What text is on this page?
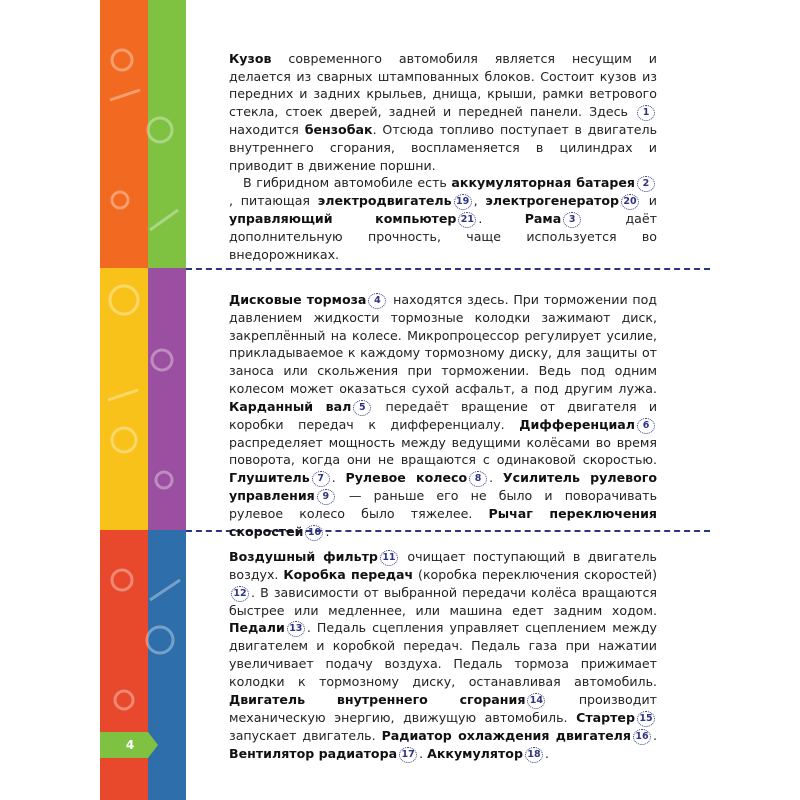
Кузов современного автомобиля является несущим и делается из сварных штампованных блоков. Состоит кузов из передних и задних крыльев, днища, крыши, рамки ветрового стекла, стоек дверей, задней и передней панели. Здесь 1 находится бензобак. Отсюда топливо поступает в двигатель внутреннего сгорания, воспламеняется в цилиндрах и приводит в движение поршни.

В гибридном автомобиле есть аккумуляторная батарея 2, питающая электродвигатель 19 , электрогенератор 20 и управляющий компьютер 21 . Рама 3 даёт дополнительную прочность, чаще используется во внедорожниках.

Дисковые тормоза 4 находятся здесь. При торможении под давлением жидкости тормозные колодки зажимают диск, закреплённый на колесе. Микропроцессор регулирует усилие, прикладываемое к каждому тормозному диску, для защиты от заноса или скольжения при торможении. Ведь под одним колесом может оказаться сухой асфальт, а под другим лужа. Карданный вал 5 передаёт вращение от двигателя и коробки передач к дифференциалу. Дифференциал 6 распределяет мощность между ведущими колёсами во время поворота, когда они не вращаются с одинаковой скоростью. Глушитель 7 . Рулевое колесо 8 . Усилитель рулевого управления 9 — раньше его не было и поворачивать рулевое колесо было тяжелее. Рычаг переключения скоростей 10 .

Воздушный фильтр 11 очищает поступающий в двигатель воздух. Коробка передач (коробка переключения скоростей) 12 . В зависимости от выбранной передачи колёса вращаются быстрее или медленнее, или машина едет задним ходом. Педали 13 . Педаль сцепления управляет сцеплением между двигателем и коробкой передач. Педаль газа при нажатии увеличивает подачу воздуха. Педаль тормоза прижимает колодки к тормозному диску, останавливая автомобиль. Двигатель внутреннего сгорания 14 производит механическую энергию, движущую автомобиль. Стартер 15 запускает двигатель. Радиатор охлаждения двигателя 16 . Вентилятор радиатора 17 . Аккумулятор 18 .

4
